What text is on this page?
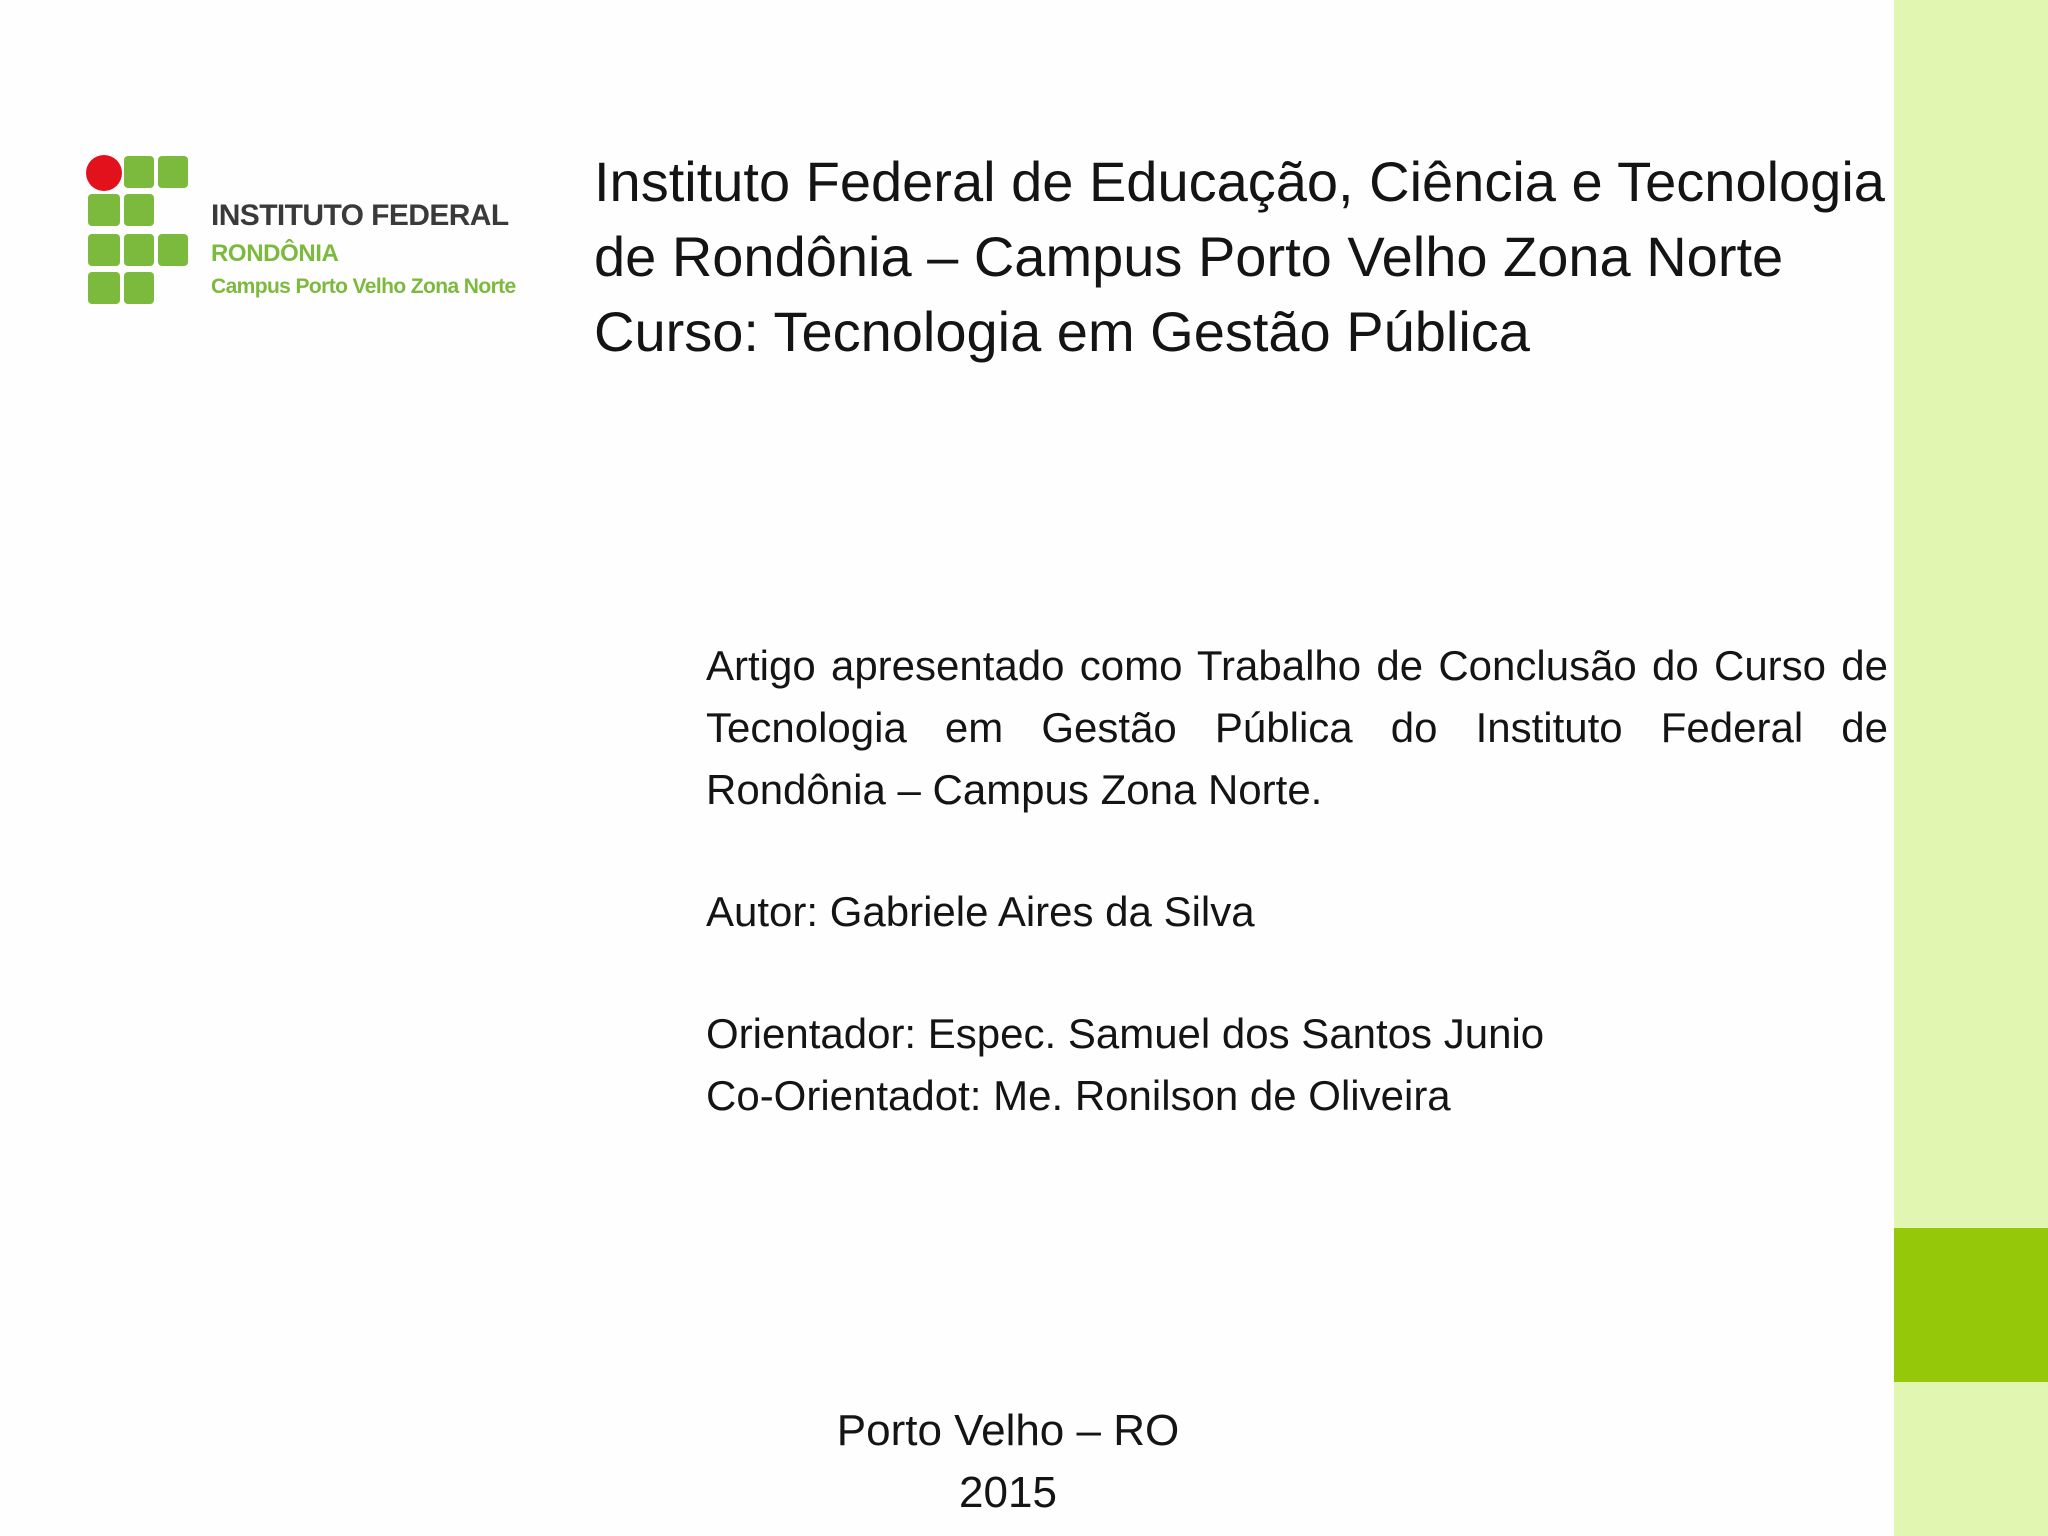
INSTITUTO FEDERAL
RONDÔNIA
Campus Porto Velho Zona Norte
Instituto Federal de Educação, Ciência e Tecnologia
de Rondônia – Campus Porto Velho Zona Norte
Curso: Tecnologia em Gestão Pública

Artigo apresentado como Trabalho de Conclusão do Curso de Tecnologia em Gestão Pública do Instituto Federal de Rondônia – Campus Zona Norte.

Autor: Gabriele Aires da Silva

Orientador: Espec. Samuel dos Santos Junio

Co-Orientadot: Me. Ronilson de Oliveira

Porto Velho – RO
2015
